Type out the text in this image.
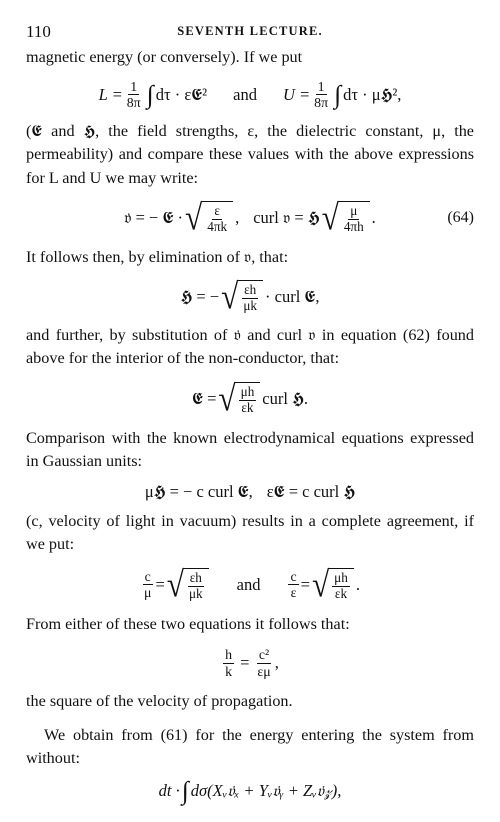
110	SEVENTH LECTURE.

magnetic energy (or conversely). If we put

$L = \frac{1}{8\pi}$ ∫ dτ · ε𝕰² and $U = \frac{1}{8\pi}$ ∫ dτ · μ𝕳²,

(𝕰 and 𝕳, the field strengths, ε, the dielectric constant, μ, the permeability) and compare these values with the above expressions for L and U we may write:

𝔳̇ = − 𝕰 · √ $\frac{\varepsilon}{4\pi k}$ , curl 𝔳 = 𝕳 √ $\frac{\mu}{4\pi h}$ .	(64)

It follows then, by elimination of 𝔳, that:

𝕳̇ = − √ $\frac{\varepsilon h}{\mu k}$ · curl 𝕰,

and further, by substitution of 𝔳̇ and curl 𝔳 in equation (62) found above for the interior of the non-conductor, that:

𝕰̇ = √ $\frac{\mu h}{\varepsilon k}$ curl 𝕳.

Comparison with the known electrodynamical equations expressed in Gaussian units:

μ𝕳̇ = − c curl 𝕰, ε𝕰̇ = c curl 𝕳

(c, velocity of light in vacuum) results in a complete agreement, if we put:

$\frac{c}{\mu}$ = √ $\frac{\varepsilon h}{\mu k}$ and $\frac{c}{\varepsilon}$ = √ $\frac{\mu h}{\varepsilon k}$ .

From either of these two equations it follows that:

$\frac{h}{k} = \frac{\text{c²}}{\varepsilon\mu}$ ,

the square of the velocity of propagation.

We obtain from (61) for the energy entering the system from without:

dt · ∫ dσ(Xᵥ𝔳̇ₓ + Yᵥ𝔳̇ᵧ + Zᵥ𝔳̇𝓏),
